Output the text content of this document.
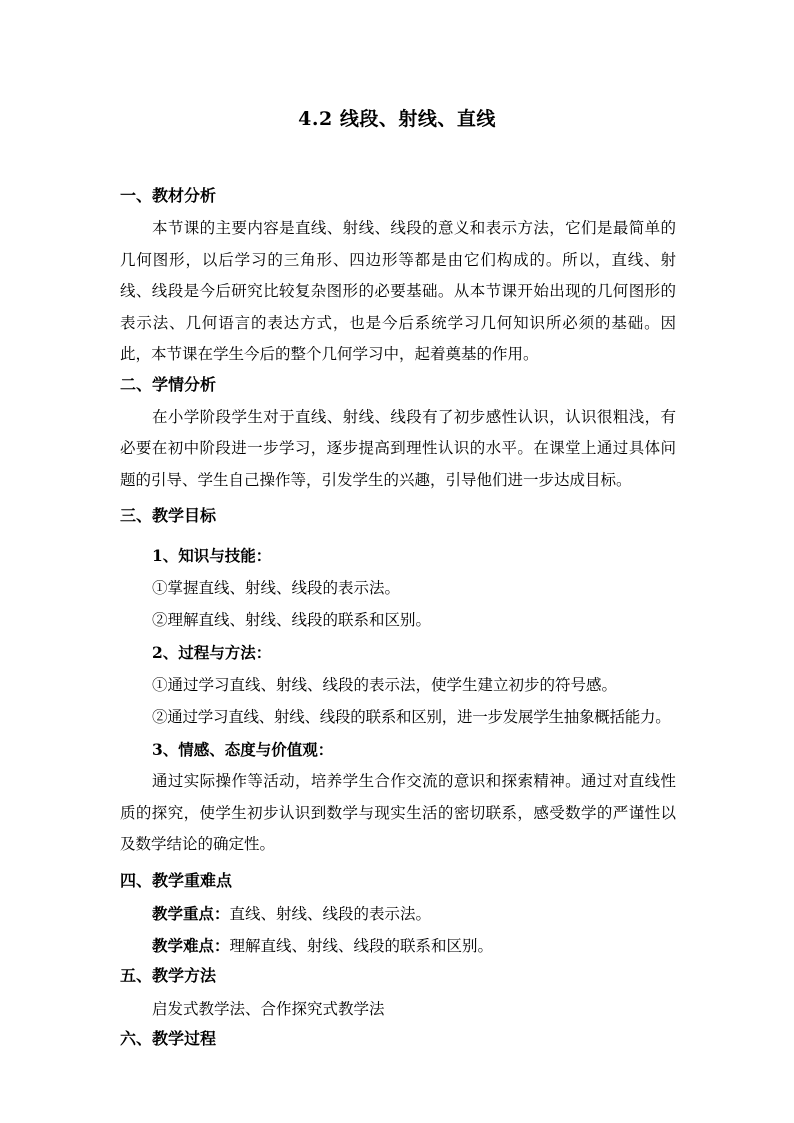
4.2 线段、射线、直线
一、教材分析
本节课的主要内容是直线、射线、线段的意义和表示方法，它们是最简单的几何图形，以后学习的三角形、四边形等都是由它们构成的。所以，直线、射线、线段是今后研究比较复杂图形的必要基础。从本节课开始出现的几何图形的表示法、几何语言的表达方式，也是今后系统学习几何知识所必须的基础。因此，本节课在学生今后的整个几何学习中，起着奠基的作用。
二、学情分析
在小学阶段学生对于直线、射线、线段有了初步感性认识，认识很粗浅，有必要在初中阶段进一步学习，逐步提高到理性认识的水平。在课堂上通过具体问题的引导、学生自己操作等，引发学生的兴趣，引导他们进一步达成目标。
三、教学目标
1、知识与技能：
①掌握直线、射线、线段的表示法。
②理解直线、射线、线段的联系和区别。
2、过程与方法：
①通过学习直线、射线、线段的表示法，使学生建立初步的符号感。
②通过学习直线、射线、线段的联系和区别，进一步发展学生抽象概括能力。
3、情感、态度与价值观：
通过实际操作等活动，培养学生合作交流的意识和探索精神。通过对直线性质的探究，使学生初步认识到数学与现实生活的密切联系，感受数学的严谨性以及数学结论的确定性。
四、教学重难点
教学重点：直线、射线、线段的表示法。
教学难点：理解直线、射线、线段的联系和区别。
五、教学方法
启发式教学法、合作探究式教学法
六、教学过程
